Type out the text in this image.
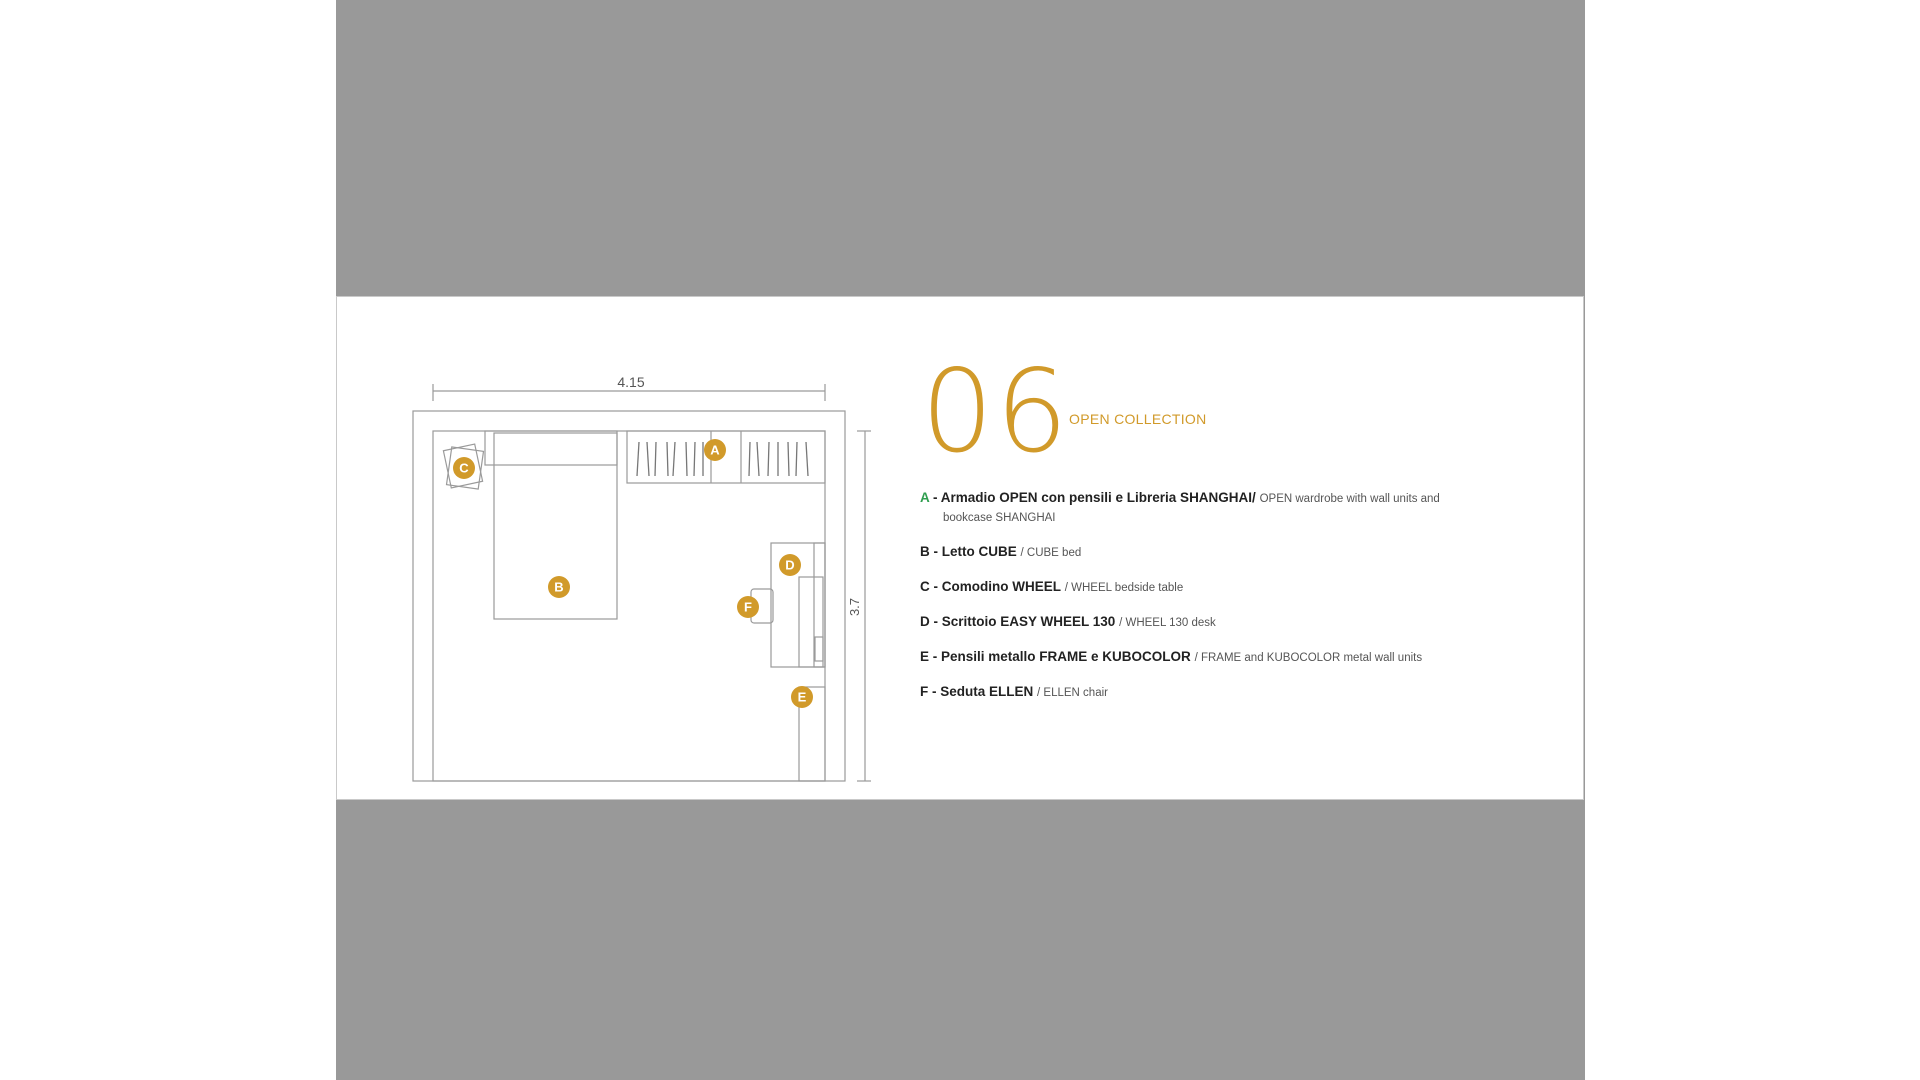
4.15
3.7
A
B
C
D
E
F
06
OPEN COLLECTION
A - Armadio OPEN con pensili e Libreria SHANGHAI/ OPEN wardrobe with wall units and bookcase SHANGHAI
B - Letto CUBE / CUBE bed
C - Comodino WHEEL / WHEEL bedside table
D - Scrittoio EASY WHEEL 130 / WHEEL 130 desk
E - Pensili metallo FRAME e KUBOCOLOR / FRAME and KUBOCOLOR metal wall units
F - Seduta ELLEN / ELLEN chair
